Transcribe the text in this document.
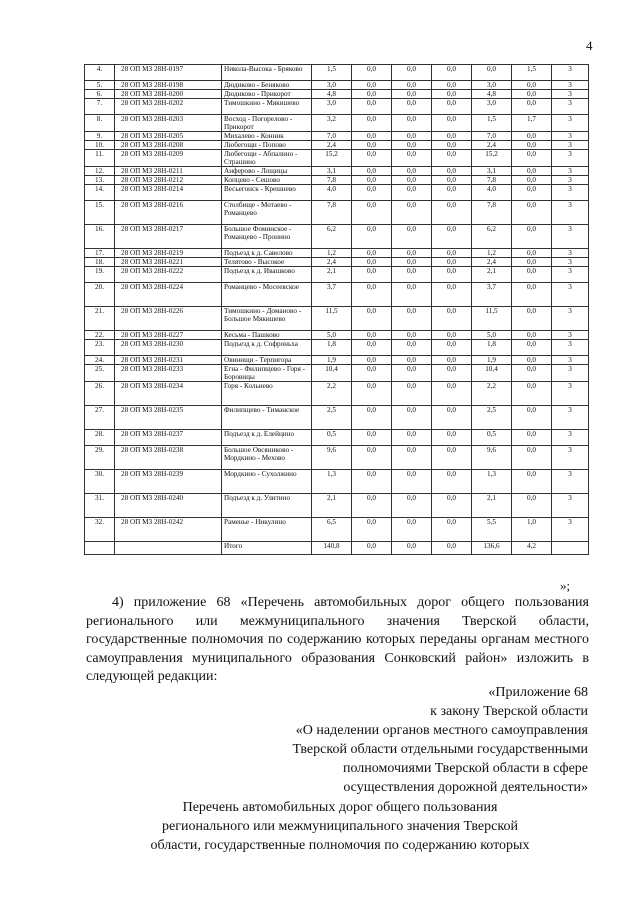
4
4.	28 ОП МЗ 28Н-0197	Никола-Высока - Бряково	1,5	0,0	0,0	0,0	0,0	1,5	3
5.	28 ОП МЗ 28Н-0198	Дюдиково - Беняково	3,0	0,0	0,0	0,0	3,0	0,0	3
6.	28 ОП МЗ 28Н-0200	Дюдиково - Прикорот	4,8	0,0	0,0	0,0	4,8	0,0	3
7.	28 ОП МЗ 28Н-0202	Тимошкино - Мякишево	3,0	0,0	0,0	0,0	3,0	0,0	3
8.	28 ОП МЗ 28Н-0203	Восход - Погорелово - Прикорот	3,2	0,0	0,0	0,0	1,5	1,7	3
9.	28 ОП МЗ 28Н-0205	Михалево - Конник	7,0	0,0	0,0	0,0	7,0	0,0	3
10.	28 ОП МЗ 28Н-0208	Любегощи - Попово	2,4	0,0	0,0	0,0	2,4	0,0	3
11.	28 ОП МЗ 28Н-0209	Любегощи - Абпалино - Страшино	15,2	0,0	0,0	0,0	15,2	0,0	3
12.	28 ОП МЗ 28Н-0211	Анферово - Лощицы	3,1	0,0	0,0	0,0	3,1	0,0	3
13.	28 ОП МЗ 28Н-0212	Копцево - Сешово	7,8	0,0	0,0	0,0	7,8	0,0	3
14.	28 ОП МЗ 28Н-0214	Весьегонск - Крешнево	4,0	0,0	0,0	0,0	4,0	0,0	3
15.	28 ОП МЗ 28Н-0216	Столбище - Мотаево - Романцево	7,8	0,0	0,0	0,0	7,8	0,0	3
16.	28 ОП МЗ 28Н-0217	Большое Фоминское - Романцево - Пронино	6,2	0,0	0,0	0,0	6,2	0,0	3
17.	28 ОП МЗ 28Н-0219	Подъезд к д. Савелово	1,2	0,0	0,0	0,0	1,2	0,0	3
18.	28 ОП МЗ 28Н-0221	Телятово - Высокое	2,4	0,0	0,0	0,0	2,4	0,0	3
19.	28 ОП МЗ 28Н-0222	Подъезд к д. Ивашково	2,1	0,0	0,0	0,0	2,1	0,0	3
20.	28 ОП МЗ 28Н-0224	Романцево - Мосеевское	3,7	0,0	0,0	0,0	3,7	0,0	3
21.	28 ОП МЗ 28Н-0226	Тимошкино - Доманово - Большое Мякишево	11,5	0,0	0,0	0,0	11,5	0,0	3
22.	28 ОП МЗ 28Н-0227	Кесьма - Пашково	5,0	0,0	0,0	0,0	5,0	0,0	3
23.	28 ОП МЗ 28Н-0230	Подъезд к д. Софроньха	1,8	0,0	0,0	0,0	1,8	0,0	3
24.	28 ОП МЗ 28Н-0231	Овинищи - Терпигора	1,9	0,0	0,0	0,0	1,9	0,0	3
25.	28 ОП МЗ 28Н-0233	Егна - Филипщево - Горя - Боровицы	10,4	0,0	0,0	0,0	10,4	0,0	3
26.	28 ОП МЗ 28Н-0234	Горя - Кольнево	2,2	0,0	0,0	0,0	2,2	0,0	3
27.	28 ОП МЗ 28Н-0235	Филипщево - Тиманское	2,5	0,0	0,0	0,0	2,5	0,0	3
28.	28 ОП МЗ 28Н-0237	Подъезд к д. Елейцино	0,5	0,0	0,0	0,0	0,5	0,0	3
29.	28 ОП МЗ 28Н-0238	Большое Овсяниково - Мордкино - Мехово	9,6	0,0	0,0	0,0	9,6	0,0	3
30.	28 ОП МЗ 28Н-0239	Мордкино - Сухолжино	1,3	0,0	0,0	0,0	1,3	0,0	3
31.	28 ОП МЗ 28Н-0240	Подъезд к д. Улитино	2,1	0,0	0,0	0,0	2,1	0,0	3
32.	28 ОП МЗ 28Н-0242	Раменье - Никулино	6,5	0,0	0,0	0,0	5,5	1,0	3
		Итого	140,8	0,0	0,0	0,0	136,6	4,2	
»;

4) приложение 68 «Перечень автомобильных дорог общего пользования регионального или межмуниципального значения Тверской области, государственные полномочия по содержанию которых переданы органам местного самоуправления муниципального образования Сонковский район» изложить в следующей редакции:

«Приложение 68
к закону Тверской области
«О наделении органов местного самоуправления
Тверской области отдельными государственными
полномочиями Тверской области в сфере
осуществления дорожной деятельности»
Перечень автомобильных дорог общего пользования
регионального или межмуниципального значения Тверской
области, государственные полномочия по содержанию которых
